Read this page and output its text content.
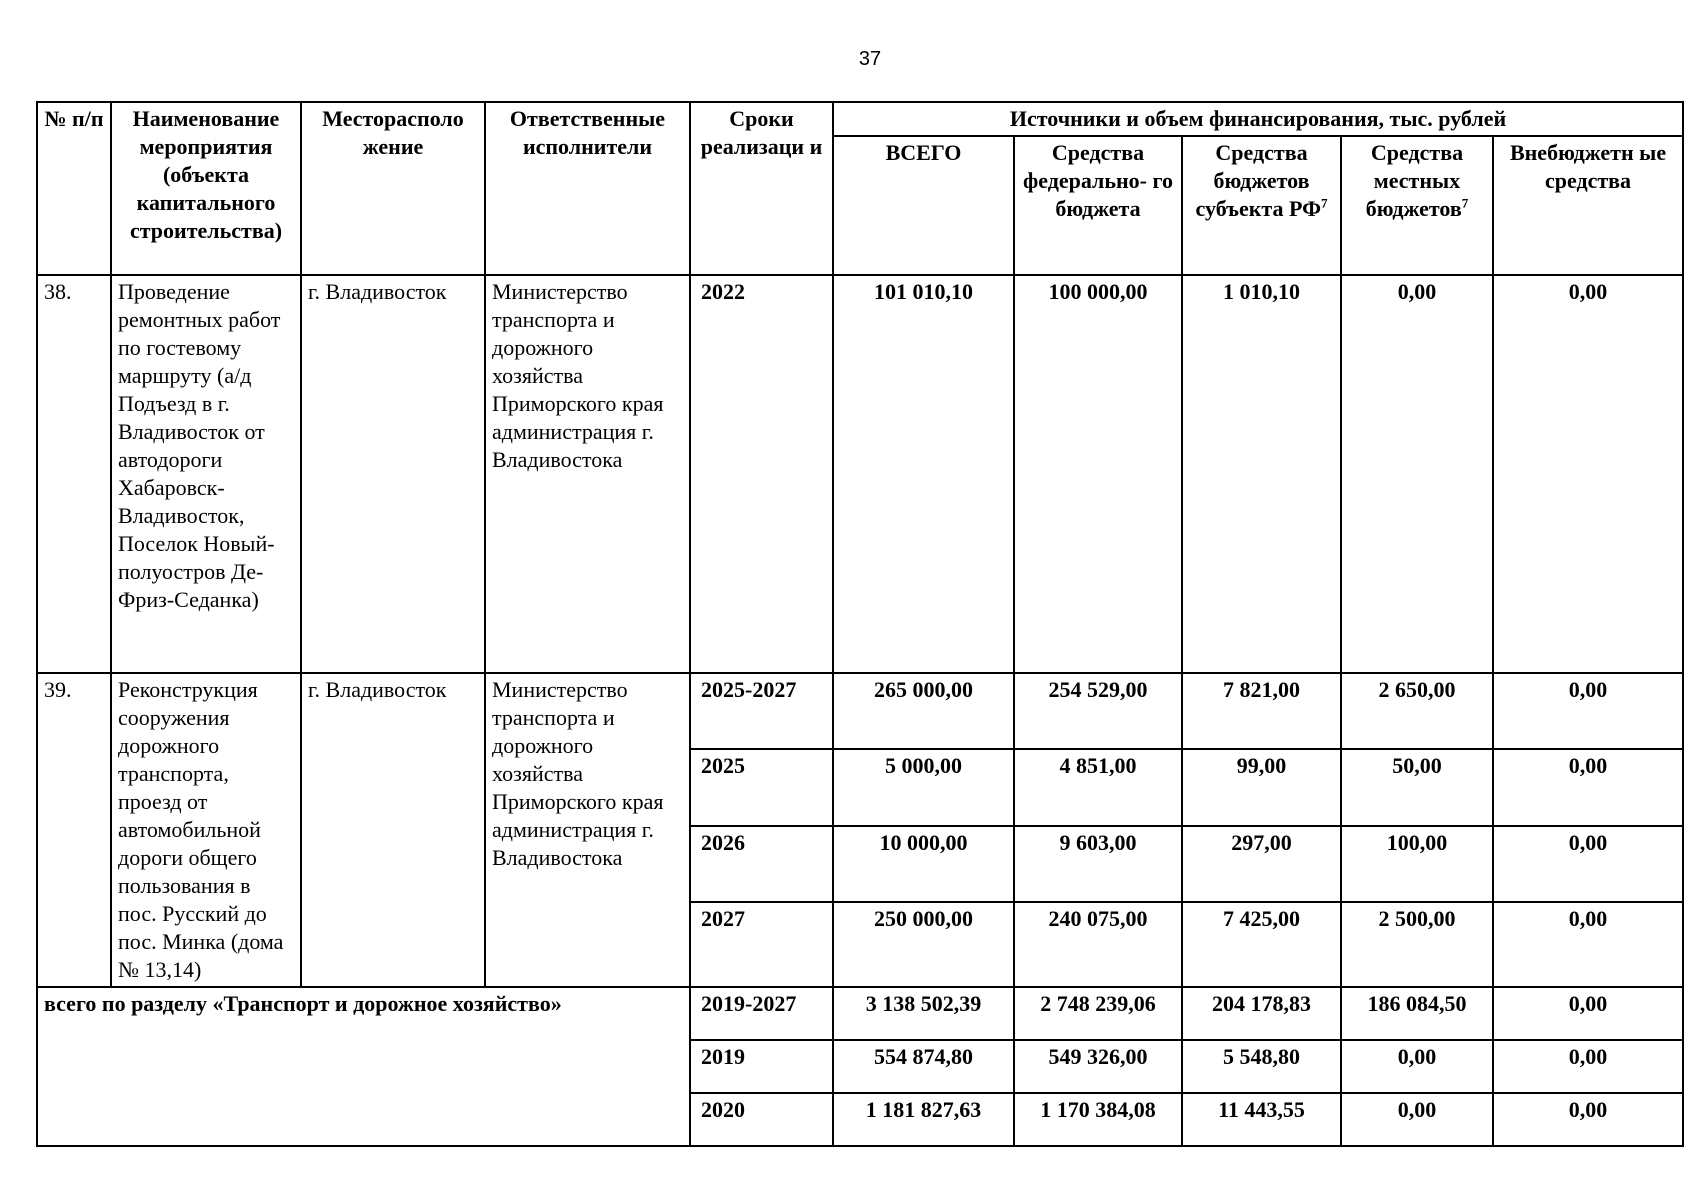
37
№ п/п	Наименование мероприятия (объекта капитального строительства)	Месторасполо жение	Ответственные исполнители	Сроки реализаци и	Источники и объем финансирования, тыс. рублей				
					ВСЕГО	Средства федерально- го бюджета	Средства бюджетов субъекта $РФ^7$	Средства местных бюджетов$^7$	Внебюджетн ые средства
38.	Проведение ремонтных работ по гостевому маршруту (а/д Подъезд в г. Владивосток от автодороги Хабаровск-Владивосток, Поселок Новый-полуостров Де-Фриз-Седанка)	г. Владивосток	Министерство транспорта и дорожного хозяйства Приморского края администрация г. Владивостока	2022	101 010,10	100 000,00	1 010,10	0,00	0,00
39.	Реконструкция сооружения дорожного транспорта, проезд от автомобильной дороги общего пользования в пос. Русский до пос. Минка (дома № 13,14)	г. Владивосток	Министерство транспорта и дорожного хозяйства Приморского края администрация г. Владивостока	2025-2027	265 000,00	254 529,00	7 821,00	2 650,00	0,00
				2025	5 000,00	4 851,00	99,00	50,00	0,00
				2026	10 000,00	9 603,00	297,00	100,00	0,00
				2027	250 000,00	240 075,00	7 425,00	2 500,00	0,00
всего по разделу «Транспорт и дорожное хозяйство»				2019-2027	3 138 502,39	2 748 239,06	204 178,83	186 084,50	0,00
				2019	554 874,80	549 326,00	5 548,80	0,00	0,00
				2020	1 181 827,63	1 170 384,08	11 443,55	0,00	0,00
